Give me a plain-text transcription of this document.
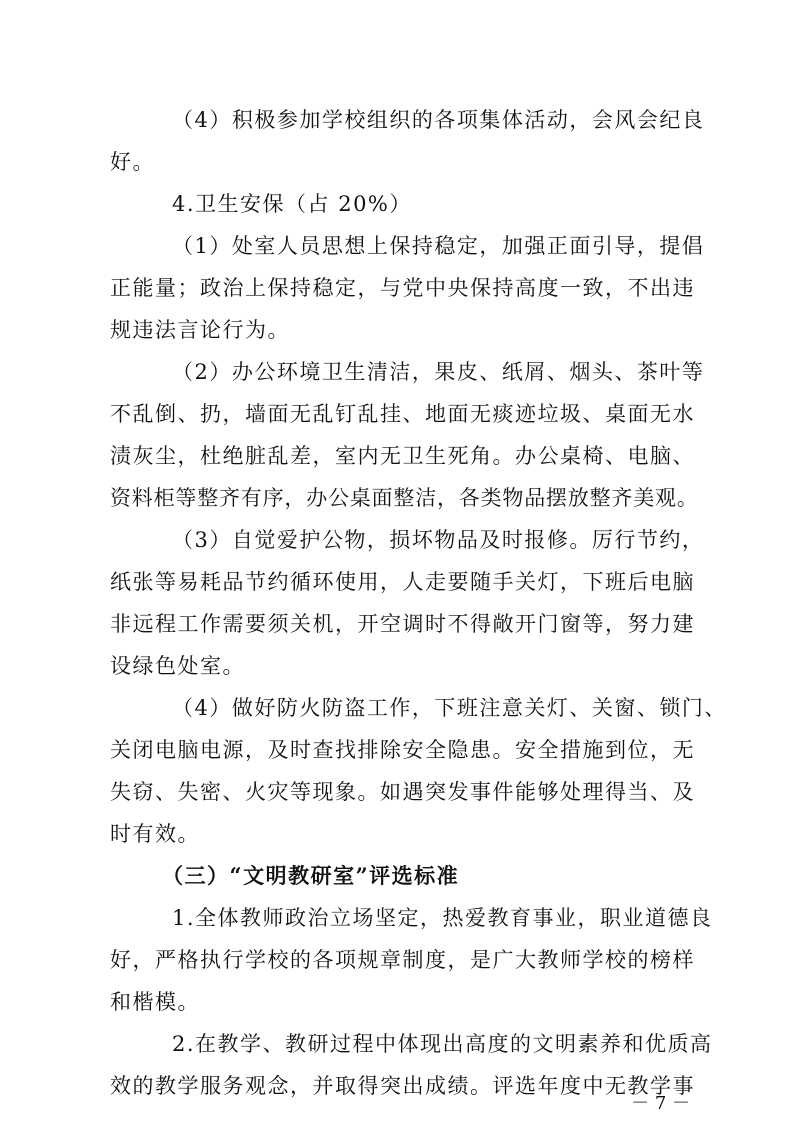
（4）积极参加学校组织的各项集体活动，会风会纪良
好。
4.卫生安保（占 20%）
（1）处室人员思想上保持稳定，加强正面引导，提倡
正能量；政治上保持稳定，与党中央保持高度一致，不出违
规违法言论行为。
（2）办公环境卫生清洁，果皮、纸屑、烟头、茶叶等
不乱倒、扔，墙面无乱钉乱挂、地面无痰迹垃圾、桌面无水
渍灰尘，杜绝脏乱差，室内无卫生死角。办公桌椅、电脑、
资料柜等整齐有序，办公桌面整洁，各类物品摆放整齐美观。
（3）自觉爱护公物，损坏物品及时报修。厉行节约，
纸张等易耗品节约循环使用，人走要随手关灯，下班后电脑
非远程工作需要须关机，开空调时不得敞开门窗等，努力建
设绿色处室。
（4）做好防火防盗工作，下班注意关灯、关窗、锁门、
关闭电脑电源，及时查找排除安全隐患。安全措施到位，无
失窃、失密、火灾等现象。如遇突发事件能够处理得当、及
时有效。
（三）“文明教研室”评选标准
1.全体教师政治立场坚定，热爱教育事业，职业道德良
好，严格执行学校的各项规章制度，是广大教师学校的榜样
和楷模。
2.在教学、教研过程中体现出高度的文明素养和优质高
效的教学服务观念，并取得突出成绩。评选年度中无教学事
－ 7 －
